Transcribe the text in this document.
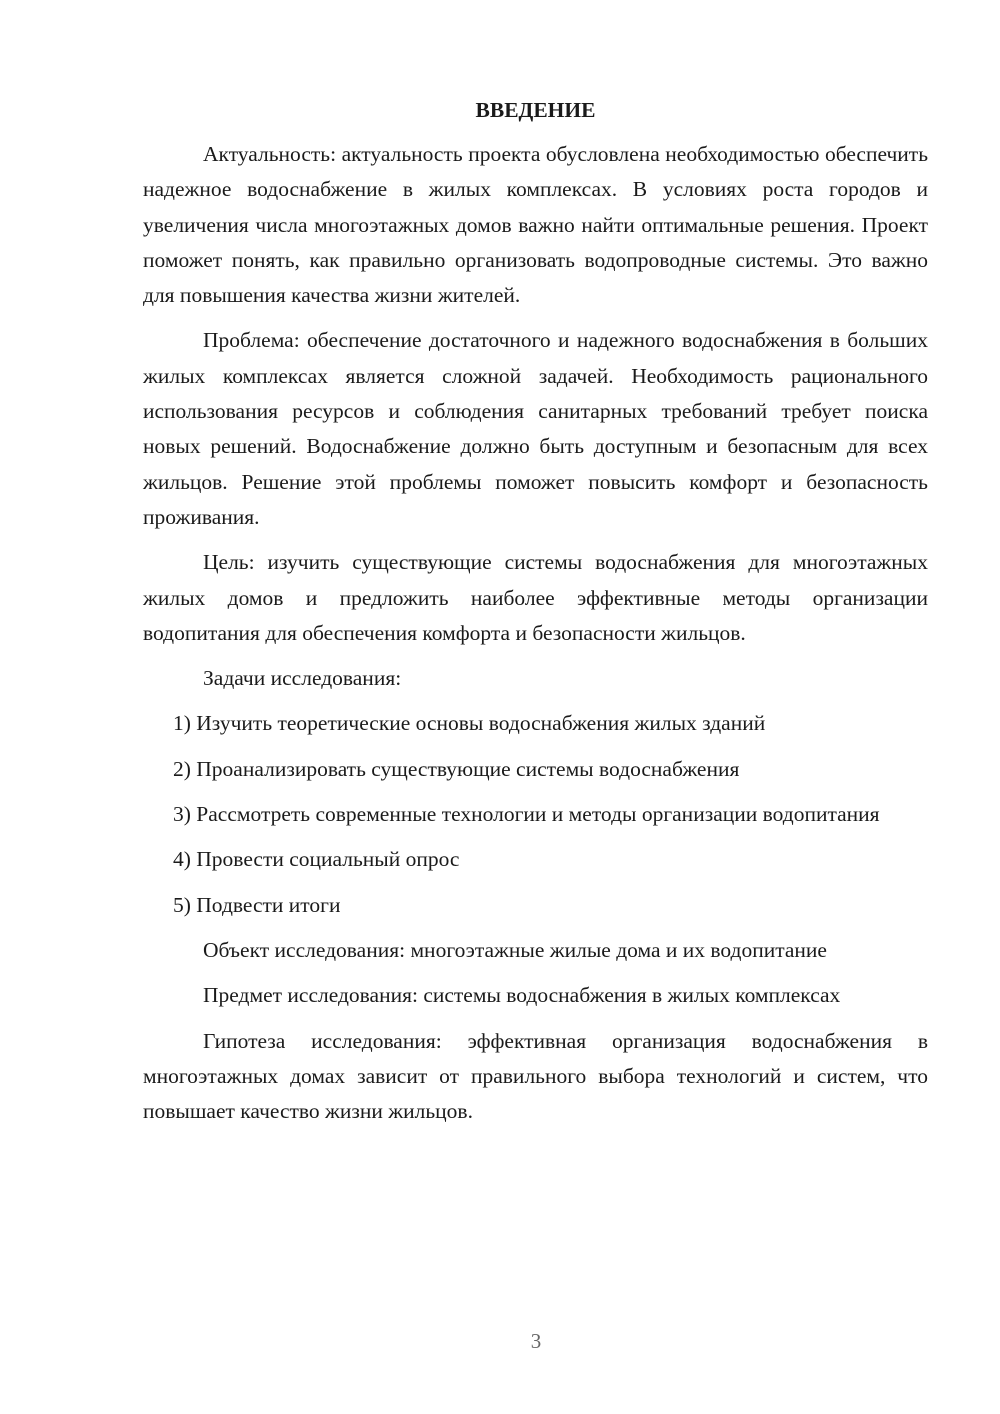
ВВЕДЕНИЕ

Актуальность: актуальность проекта обусловлена необходимостью обеспечить надежное водоснабжение в жилых комплексах. В условиях роста городов и увеличения числа многоэтажных домов важно найти оптимальные решения. Проект поможет понять, как правильно организовать водопроводные системы. Это важно для повышения качества жизни жителей.

Проблема: обеспечение достаточного и надежного водоснабжения в больших жилых комплексах является сложной задачей. Необходимость рационального использования ресурсов и соблюдения санитарных требований требует поиска новых решений. Водоснабжение должно быть доступным и безопасным для всех жильцов. Решение этой проблемы поможет повысить комфорт и безопасность проживания.

Цель: изучить существующие системы водоснабжения для многоэтажных жилых домов и предложить наиболее эффективные методы организации водопитания для обеспечения комфорта и безопасности жильцов.

Задачи исследования:

1) Изучить теоретические основы водоснабжения жилых зданий

2) Проанализировать существующие системы водоснабжения

3) Рассмотреть современные технологии и методы организации водопитания

4) Провести социальный опрос

5) Подвести итоги

Объект исследования: многоэтажные жилые дома и их водопитание

Предмет исследования: системы водоснабжения в жилых комплексах

Гипотеза исследования: эффективная организация водоснабжения в многоэтажных домах зависит от правильного выбора технологий и систем, что повышает качество жизни жильцов.

3
